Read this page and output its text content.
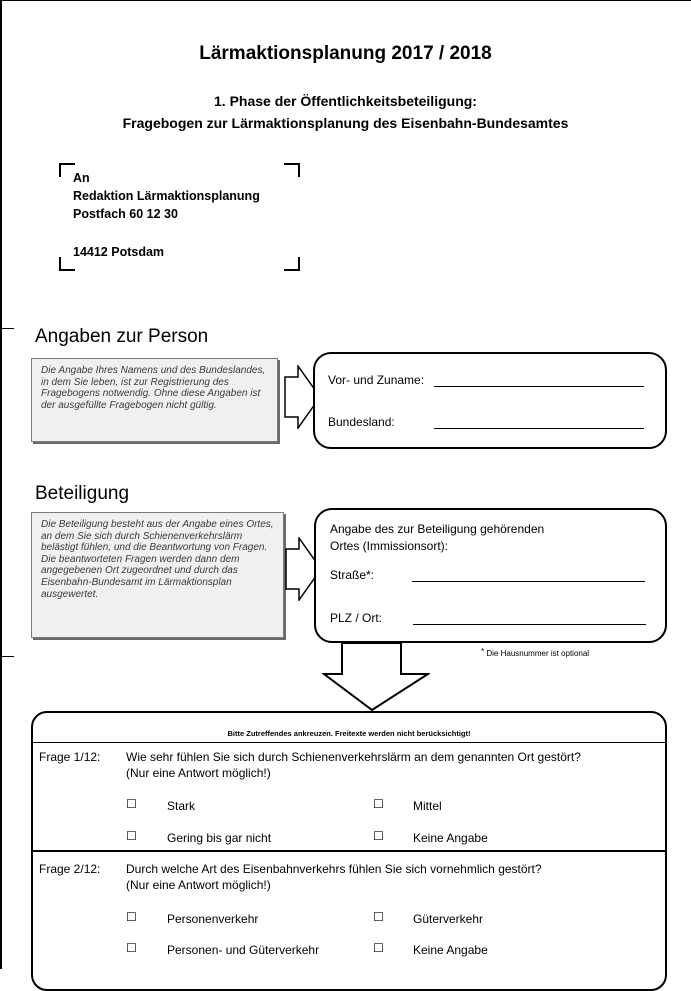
Lärmaktionsplanung 2017 / 2018
1. Phase der Öffentlichkeitsbeteiligung:
Fragebogen zur Lärmaktionsplanung des Eisenbahn-Bundesamtes
An
Redaktion Lärmaktionsplanung
Postfach 60 12 30
14412 Potsdam
Angaben zur Person
Die Angabe Ihres Namens und des Bundeslandes, in dem Sie leben, ist zur Registrierung des Fragebogens notwendig. Ohne diese Angaben ist der ausgefüllte Fragebogen nicht gültig.
Vor- und Zuname:
Bundesland:
Beteiligung
Die Beteiligung besteht aus der Angabe eines Ortes, an dem Sie sich durch Schienenverkehrslärm belästigt fühlen, und die Beantwortung von Fragen. Die beantworteten Fragen werden dann dem angegebenen Ort zugeordnet und durch das Eisenbahn-Bundesamt im Lärmaktionsplan ausgewertet.
Angabe des zur Beteiligung gehörenden
Ortes (Immissionsort):
Straße*:
PLZ / Ort:
* Die Hausnummer ist optional
Bitte Zutreffendes ankreuzen. Freitexte werden nicht berücksichtigt!
Frage 1/12: Wie sehr fühlen Sie sich durch Schienenverkehrslärm an dem genannten Ort gestört?
(Nur eine Antwort möglich!)
☐	Stark	☐ Mittel
☐	Gering bis gar nicht	☐ Keine Angabe
Frage 2/12: Durch welche Art des Eisenbahnverkehrs fühlen Sie sich vornehmlich gestört?
(Nur eine Antwort möglich!)
☐	Personenverkehr	☐ Güterverkehr
☐	Personen- und Güterverkehr	☐ Keine Angabe
